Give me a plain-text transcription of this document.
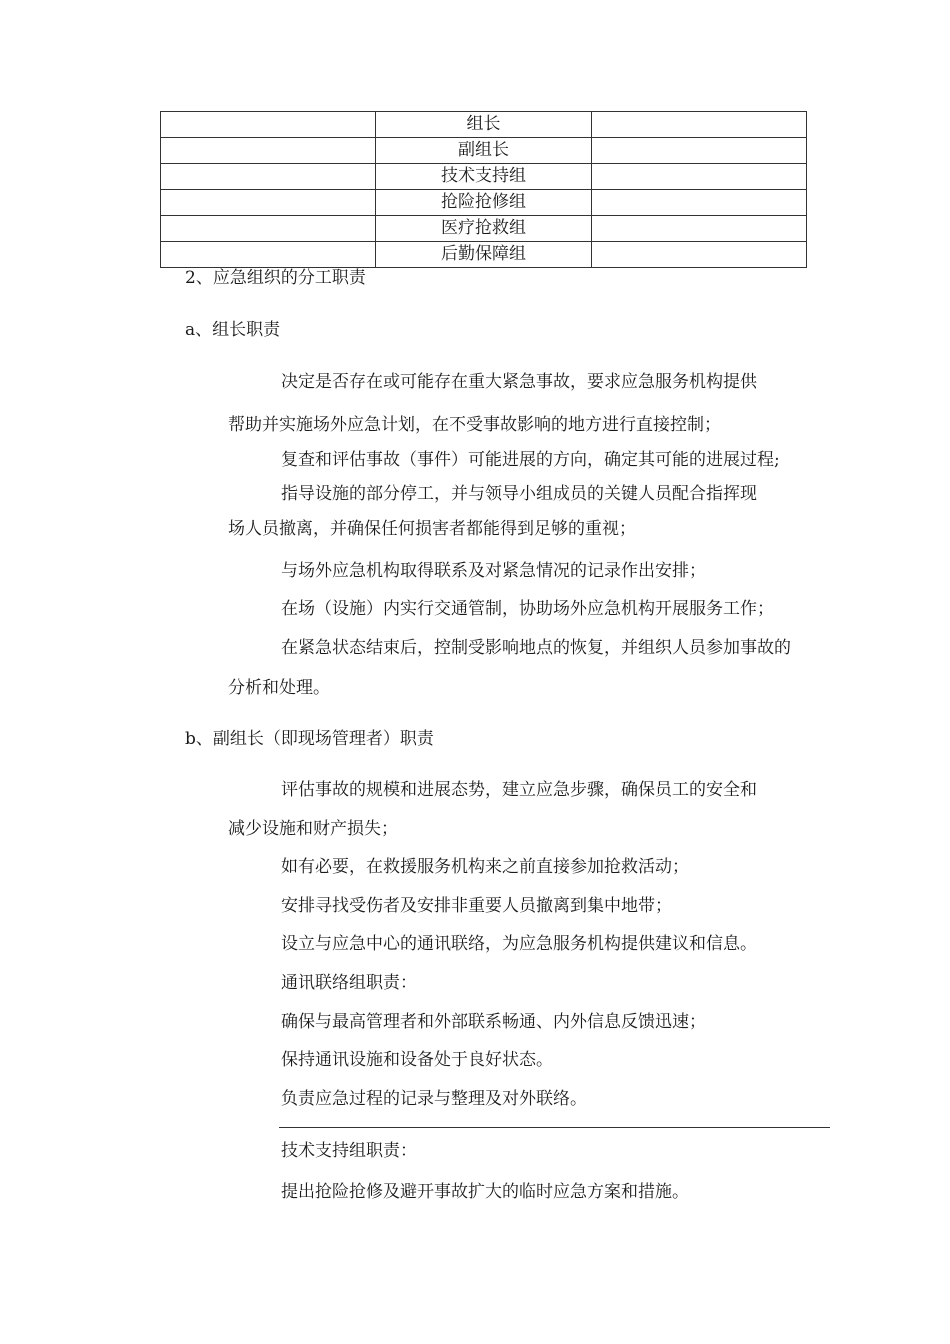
	组长	
	副组长	
	技术支持组	
	抢险抢修组	
	医疗抢救组	
	后勤保障组	
2、应急组织的分工职责
a、组长职责
决定是否存在或可能存在重大紧急事故，要求应急服务机构提供
帮助并实施场外应急计划，在不受事故影响的地方进行直接控制；
复查和评估事故（事件）可能进展的方向，确定其可能的进展过程;
指导设施的部分停工，并与领导小组成员的关键人员配合指挥现
场人员撤离，并确保任何损害者都能得到足够的重视；
与场外应急机构取得联系及对紧急情况的记录作出安排；
在场（设施）内实行交通管制，协助场外应急机构开展服务工作；
在紧急状态结束后，控制受影响地点的恢复，并组织人员参加事故的
分析和处理。
b、副组长（即现场管理者）职责
评估事故的规模和进展态势，建立应急步骤，确保员工的安全和
减少设施和财产损失；
如有必要，在救援服务机构来之前直接参加抢救活动；
安排寻找受伤者及安排非重要人员撤离到集中地带；
设立与应急中心的通讯联络，为应急服务机构提供建议和信息。
通讯联络组职责：
确保与最高管理者和外部联系畅通、内外信息反馈迅速；
保持通讯设施和设备处于良好状态。
负责应急过程的记录与整理及对外联络。
技术支持组职责：
提出抢险抢修及避开事故扩大的临时应急方案和措施。
